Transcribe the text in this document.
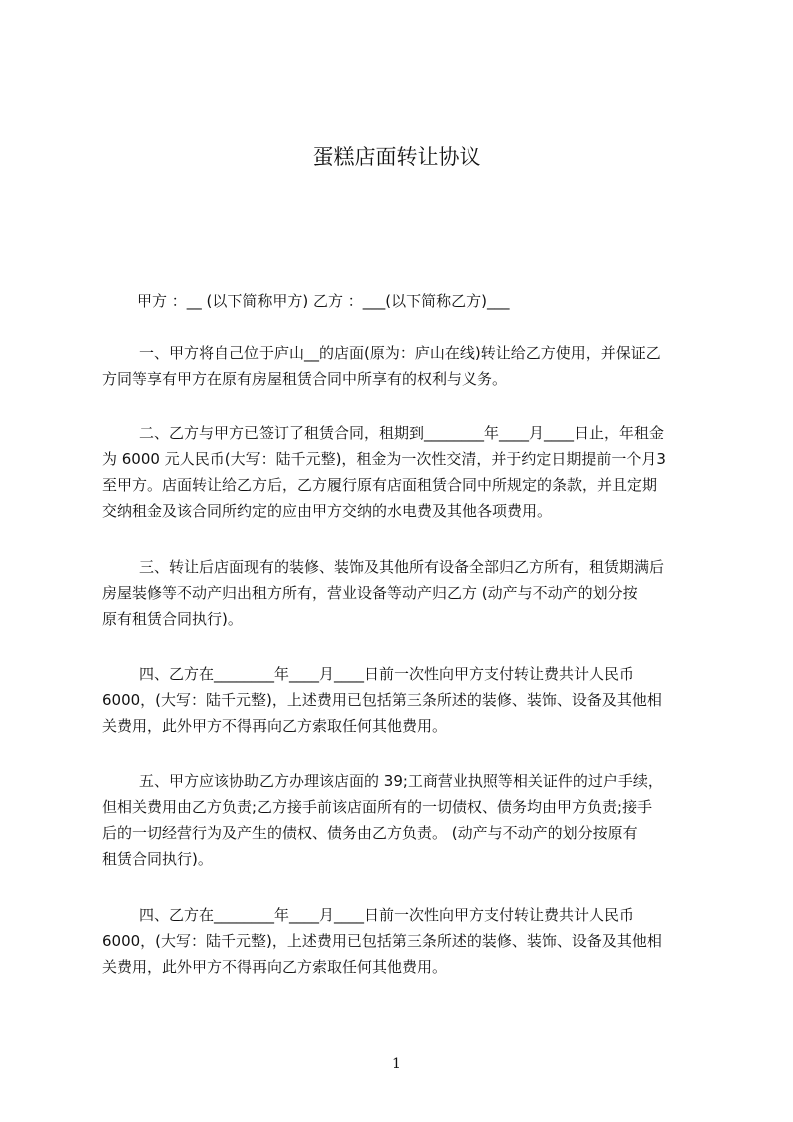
蛋糕店面转让协议
甲方 ：__ (以下简称甲方) 乙方 ：___(以下简称乙方)___
一、甲方将自己位于庐山__的店面(原为：庐山在线)转让给乙方使用，并保证乙
方同等享有甲方在原有房屋租赁合同中所享有的权利与义务。
二、乙方与甲方已签订了租赁合同，租期到________年____月____日止，年租金
为 6000 元人民币(大写：陆千元整)，租金为一次性交清，并于约定日期提前一个月3
至甲方。店面转让给乙方后，乙方履行原有店面租赁合同中所规定的条款，并且定期
交纳租金及该合同所约定的应由甲方交纳的水电费及其他各项费用。
三、转让后店面现有的装修、装饰及其他所有设备全部归乙方所有，租赁期满后
房屋装修等不动产归出租方所有，营业设备等动产归乙方 (动产与不动产的划分按
原有租赁合同执行)。
四、乙方在________年____月____日前一次性向甲方支付转让费共计人民币
6000，(大写：陆千元整)，上述费用已包括第三条所述的装修、装饰、设备及其他相
关费用，此外甲方不得再向乙方索取任何其他费用。
五、甲方应该协助乙方办理该店面的 39;工商营业执照等相关证件的过户手续，
但相关费用由乙方负责;乙方接手前该店面所有的一切债权、债务均由甲方负责;接手
后的一切经营行为及产生的债权、债务由乙方负责。 (动产与不动产的划分按原有
租赁合同执行)。
四、乙方在________年____月____日前一次性向甲方支付转让费共计人民币
6000，(大写：陆千元整)，上述费用已包括第三条所述的装修、装饰、设备及其他相
关费用，此外甲方不得再向乙方索取任何其他费用。
1
